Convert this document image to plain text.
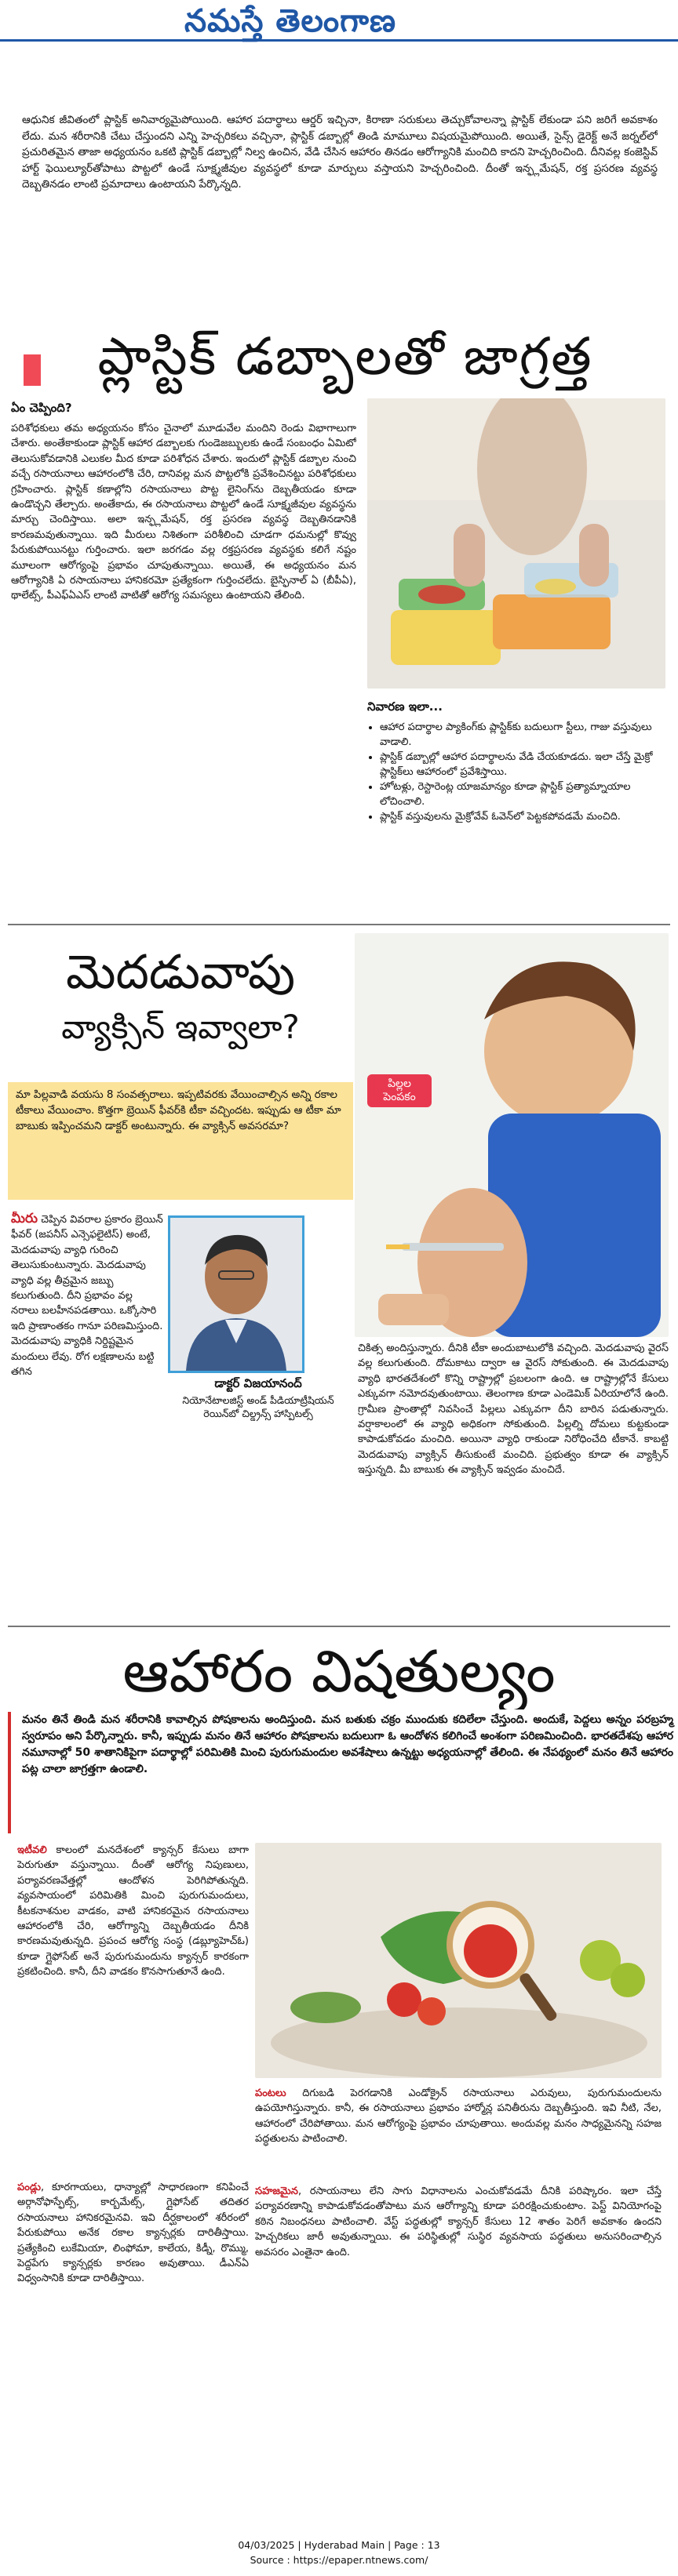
నమస్తే తెలంగాణ

ఆధునిక జీవితంలో ప్లాస్టిక్ అనివార్యమైపోయింది. ఆహార పదార్థాలు ఆర్డర్ ఇచ్చినా, కిరాణా సరుకులు తెచ్చుకోవాలన్నా ప్లాస్టిక్ లేకుండా పని జరిగే అవకాశం లేదు. మన శరీరానికి చేటు చేస్తుందని ఎన్ని హెచ్చరికలు వచ్చినా, ప్లాస్టిక్ డబ్బాల్లో తిండి మామూలు విషయమైపోయింది. అయితే, సైన్స్ డైరెక్ట్ అనే జర్నల్‌లో ప్రచురితమైన తాజా అధ్యయనం ఒకటి ప్లాస్టిక్ డబ్బాల్లో నిల్వ ఉంచిన, వేడి చేసిన ఆహారం తినడం ఆరోగ్యానికి మంచిది కాదని హెచ్చరించింది. దీనివల్ల కంజెస్టివ్ హార్ట్ ఫెయిల్యూర్‌తోపాటు పొట్టలో ఉండే సూక్ష్మజీవుల వ్యవస్థలో కూడా మార్పులు వస్తాయని హెచ్చరించింది. దీంతో ఇన్ఫ్లమేషన్, రక్త ప్రసరణ వ్యవస్థ దెబ్బతినడం లాంటి ప్రమాదాలు ఉంటాయని పేర్కొన్నది.

ప్లాస్టిక్ డబ్బాలతో జాగ్రత్త
ఏం చెప్పింది?

పరిశోధకులు తమ అధ్యయనం కోసం చైనాలో మూడువేల మందిని రెండు విభాగాలుగా చేశారు. అంతేకాకుండా ప్లాస్టిక్ ఆహార డబ్బాలకు గుండెజబ్బులకు ఉండే సంబంధం ఏమిటో తెలుసుకోవడానికి ఎలుకల మీద కూడా పరిశోధన చేశారు. ఇందులో ప్లాస్టిక్ డబ్బాల నుంచి వచ్చే రసాయనాలు ఆహారంలోకి చేరి, దానివల్ల మన పొట్టలోకి ప్రవేశించినట్టు పరిశోధకులు గ్రహించారు. ప్లాస్టిక్ కణాల్లోని రసాయనాలు పొట్ట లైనింగ్‌ను దెబ్బతీయడం కూడా ఉండొచ్చని తేల్చారు. అంతేకాదు, ఈ రసాయనాలు పొట్టలో ఉండే సూక్ష్మజీవుల వ్యవస్థను మార్చు చెందిస్తాయి. అలా ఇన్ఫ్లమేషన్, రక్త ప్రసరణ వ్యవస్థ దెబ్బతినడానికి కారణమవుతున్నాయి. ఇది మీరులు నిశితంగా పరిశీలించి చూడగా ధమనుల్లో కొవ్వు పేరుకుపోయినట్టు గుర్తించారు. ఇలా జరగడం వల్ల రక్తప్రసరణ వ్యవస్థకు కలిగే నష్టం మూలంగా ఆరోగ్యంపై ప్రభావం చూపుతున్నాయి. అయితే, ఈ అధ్యయనం మన ఆరోగ్యానికి ఏ రసాయనాలు హానికరమో ప్రత్యేకంగా గుర్తించలేదు. బైస్ఫినాల్ ఏ (బీపీఏ), థాలేట్స్, పీఎఫ్ఏఎస్ లాంటి వాటితో ఆరోగ్య సమస్యలు ఉంటాయని తేలింది.

నివారణ ఇలా...
• ఆహార పదార్థాల ప్యాకింగ్‌కు ప్లాస్టిక్‌కు బదులుగా స్టీలు, గాజు వస్తువులు వాడాలి.
• ప్లాస్టిక్ డబ్బాల్లో ఆహార పదార్థాలను వేడి చేయకూడదు. ఇలా చేస్తే మైక్రో ప్లాస్టిక్‌లు ఆహారంలో ప్రవేశిస్తాయి.
• హోటళ్లు, రెస్టారెంట్ల యాజమాన్యం కూడా ప్లాస్టిక్ ప్రత్యామ్నాయాల లోచించాలి.
• ప్లాస్టిక్ వస్తువులను మైక్రోవేవ్ ఓవెన్‌లో పెట్టకపోవడమే మంచిది.
మెదడువాపు
వ్యాక్సిన్ ఇవ్వాలా?
పిల్లల పెంపకం

మా పిల్లవాడి వయసు 8 సంవత్సరాలు. ఇప్పటివరకు వేయించాల్సిన అన్ని రకాల టీకాలు వేయించాం. కొత్తగా బ్రెయిన్ ఫీవర్‌కి టీకా వచ్చిందట. ఇప్పుడు ఆ టీకా మా బాబుకు ఇప్పించమని డాక్టర్ అంటున్నారు. ఈ వ్యాక్సిన్ అవసరమా?

మీరు చెప్పిన వివరాల ప్రకారం బ్రెయిన్ ఫీవర్ (జపనీస్ ఎన్సెఫలైటిస్) అంటే, మెదడువాపు వ్యాధి గురించి తెలుసుకుంటున్నారు. మెదడువాపు వ్యాధి వల్ల తీవ్రమైన జబ్బు కలుగుతుంది. దీని ప్రభావం వల్ల నరాలు బలహీనపడతాయి. ఒక్కోసారి ఇది ప్రాణాంతకం గానూ పరిణమిస్తుంది. మెదడువాపు వ్యాధికి నిర్దిష్టమైన మందులు లేవు. రోగ లక్షణాలను బట్టి తగిన

డాక్టర్ విజయానంద్
నియోనేటాలజిస్ట్ అండ్ పీడియాట్రీషియన్
రెయిన్‌బో చిల్డ్రన్స్ హాస్పిటల్స్

చికిత్స అందిస్తున్నారు. దీనికి టీకా అందుబాటులోకి వచ్చింది. మెదడువాపు వైరస్ వల్ల కలుగుతుంది. దోమకాటు ద్వారా ఆ వైరస్ సోకుతుంది. ఈ మెదడువాపు వ్యాధి భారతదేశంలో కొన్ని రాష్ట్రాల్లో ప్రబలంగా ఉంది. ఆ రాష్ట్రాల్లోనే కేసులు ఎక్కువగా నమోదవుతుంటాయి. తెలంగాణ కూడా ఎండెమిక్ ఏరియాలోనే ఉంది. గ్రామీణ ప్రాంతాల్లో నివసించే పిల్లలు ఎక్కువగా దీని బారిన పడుతున్నారు. వర్షాకాలంలో ఈ వ్యాధి అధికంగా సోకుతుంది. పిల్లల్ని దోమలు కుట్టకుండా కాపాడుకోవడం మంచిది. అయినా వ్యాధి రాకుండా నిరోధించేది టీకానే. కాబట్టి మెదడువాపు వ్యాక్సిన్ తీసుకుంటే మంచిది. ప్రభుత్వం కూడా ఈ వ్యాక్సిన్ ఇస్తున్నది. మీ బాబుకు ఈ వ్యాక్సిన్ ఇవ్వడం మంచిదే.

ఆహారం విషతుల్యం

మనం తినే తిండి మన శరీరానికి కావాల్సిన పోషకాలను అందిస్తుంది. మన బతుకు చక్రం ముందుకు కదిలేలా చేస్తుంది. అందుకే, పెద్దలు అన్నం పరబ్రహ్మ స్వరూపం అని పేర్కొన్నారు. కానీ, ఇప్పుడు మనం తినే ఆహారం పోషకాలను బదులుగా ఓ ఆందోళన కలిగించే అంశంగా పరిణమించింది. భారతదేశపు ఆహార నమూనాల్లో 50 శాతానికిపైగా పదార్థాల్లో పరిమితికి మించి పురుగుమందుల అవశేషాలు ఉన్నట్టు అధ్యయనాల్లో తేలింది. ఈ నేపథ్యంలో మనం తినే ఆహారం పట్ల చాలా జాగ్రత్తగా ఉండాలి.

ఇటీవలి కాలంలో మనదేశంలో క్యాన్సర్ కేసులు బాగా పెరుగుతూ వస్తున్నాయి. దీంతో ఆరోగ్య నిపుణులు, పర్యావరణవేత్తల్లో ఆందోళన పెరిగిపోతున్నది. వ్యవసాయంలో పరిమితికి మించి పురుగుమందులు, కీటకనాశనుల వాడకం, వాటి హానికరమైన రసాయనాలు ఆహారంలోకి చేరి, ఆరోగ్యాన్ని దెబ్బతీయడం దీనికి కారణమవుతున్నది. ప్రపంచ ఆరోగ్య సంస్థ (డబ్ల్యూహెచ్ఓ) కూడా గ్లైఫోసేట్ అనే పురుగుమందును క్యాన్సర్ కారకంగా ప్రకటించింది. కానీ, దీని వాడకం కొనసాగుతూనే ఉంది.

పంటలు దిగుబడి పెరగడానికి ఎండోక్రైన్ రసాయనాలు ఎరువులు, పురుగుమందులను ఉపయోగిస్తున్నారు. కానీ, ఈ రసాయనాలు ప్రభావం హార్మోన్ల పనితీరును దెబ్బతీస్తుంది. ఇవి నీటి, నేల, ఆహారంలో చేరిపోతాయి. మన ఆరోగ్యంపై ప్రభావం చూపుతాయి. అందువల్ల మనం సాధ్యమైనన్ని సహజ పద్ధతులను పాటించాలి.

పండ్లు, కూరగాయలు, ధాన్యాల్లో సాధారణంగా కనిపించే అర్గానోఫాస్ఫేట్స్, కార్బమేట్స్, గ్లైఫోసేట్ తదితర రసాయనాలు హానికరమైనవి. ఇవి దీర్ఘకాలంలో శరీరంలో పేరుకుపోయి అనేక రకాల క్యాన్సర్లకు దారితీస్తాయి. ప్రత్యేకించి లుకేమియా, లింఫోమా, కాలేయ, కిడ్నీ, రొమ్ము, పెద్దపేగు క్యాన్సర్లకు కారణం అవుతాయి. డీఎన్ఏ విధ్వంసానికి కూడా దారితీస్తాయి.

సహజమైన, రసాయనాలు లేని సాగు విధానాలను ఎంచుకోవడమే దీనికి పరిష్కారం. ఇలా చేస్తే పర్యావరణాన్ని కాపాడుకోవడంతోపాటు మన ఆరోగ్యాన్ని కూడా పరిరక్షించుకుంటాం. పెస్ట్ వినియోగంపై కఠిన నిబంధనలు పాటించాలి. వేస్ట్ పద్ధతుల్లో క్యాన్సర్ కేసులు 12 శాతం పెరిగే అవకాశం ఉందని హెచ్చరికలు జారీ అవుతున్నాయి. ఈ పరిస్థితుల్లో సుస్థిర వ్యవసాయ పద్ధతులు అనుసరించాల్సిన అవసరం ఎంతైనా ఉంది.

04/03/2025 | Hyderabad Main | Page : 13
Source : https://epaper.ntnews.com/
